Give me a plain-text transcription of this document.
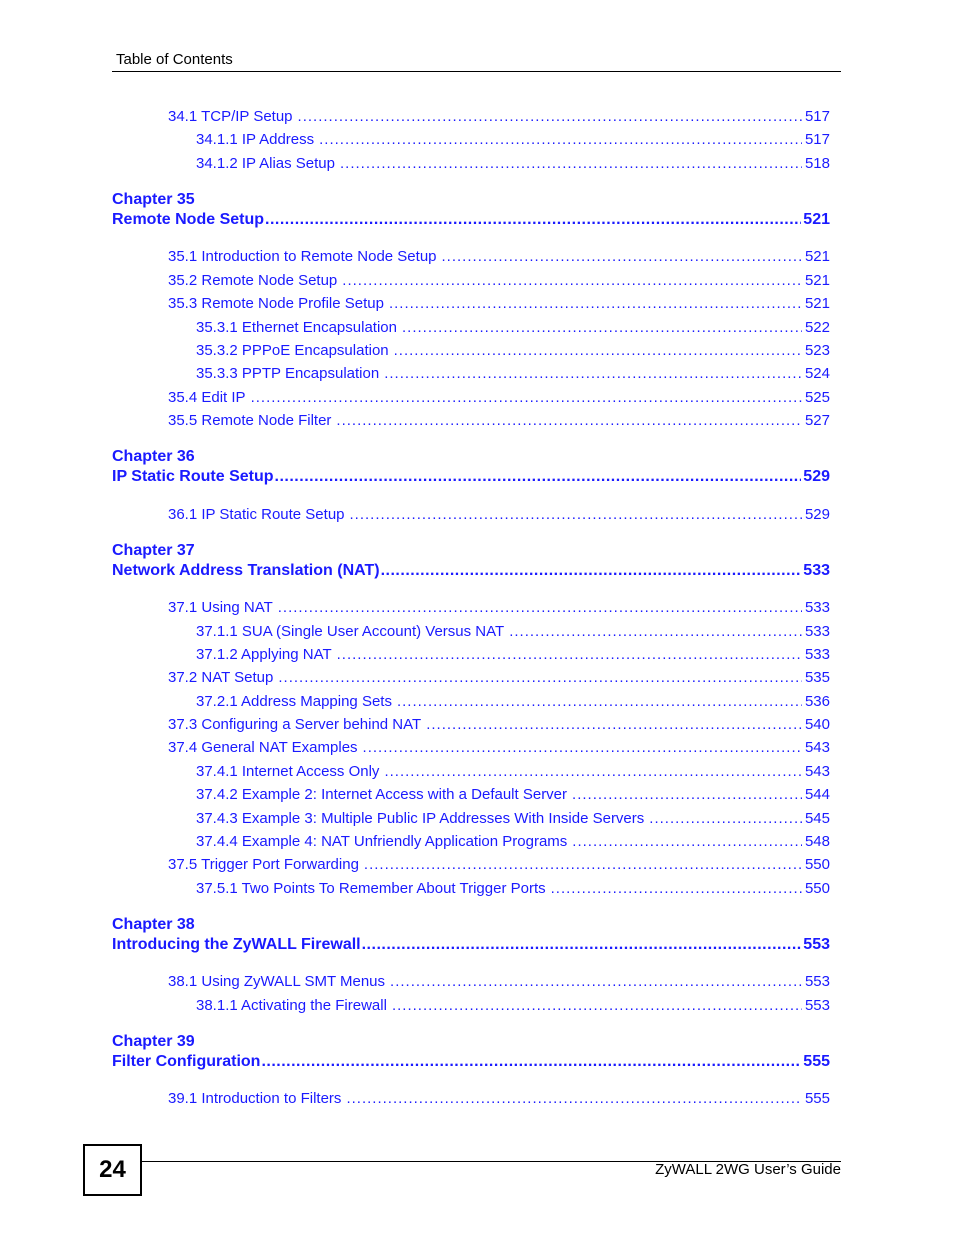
Table of Contents
34.1 TCP/IP Setup .....	517
34.1.1 IP Address .....	517
34.1.2 IP Alias Setup .....	518
Chapter 35
Remote Node Setup .....	521
35.1 Introduction to Remote Node Setup .....	521
35.2 Remote Node Setup .....	521
35.3 Remote Node Profile Setup .....	521
35.3.1 Ethernet Encapsulation .....	522
35.3.2 PPPoE Encapsulation .....	523
35.3.3 PPTP Encapsulation .....	524
35.4 Edit IP .....	525
35.5 Remote Node Filter .....	527
Chapter 36
IP Static Route Setup .....	529
36.1 IP Static Route Setup .....	529
Chapter 37
Network Address Translation (NAT) .....	533
37.1 Using NAT .....	533
37.1.1 SUA (Single User Account) Versus NAT .....	533
37.1.2 Applying NAT .....	533
37.2 NAT Setup .....	535
37.2.1 Address Mapping Sets .....	536
37.3 Configuring a Server behind NAT .....	540
37.4 General NAT Examples .....	543
37.4.1 Internet Access Only .....	543
37.4.2 Example 2: Internet Access with a Default Server .....	544
37.4.3 Example 3: Multiple Public IP Addresses With Inside Servers .....	545
37.4.4 Example 4: NAT Unfriendly Application Programs .....	548
37.5 Trigger Port Forwarding .....	550
37.5.1 Two Points To Remember About Trigger Ports .....	550
Chapter 38
Introducing the ZyWALL Firewall .....	553
38.1 Using ZyWALL SMT Menus .....	553
38.1.1 Activating the Firewall .....	553
Chapter 39
Filter Configuration .....	555
39.1 Introduction to Filters .....	555
24	ZyWALL 2WG User’s Guide
